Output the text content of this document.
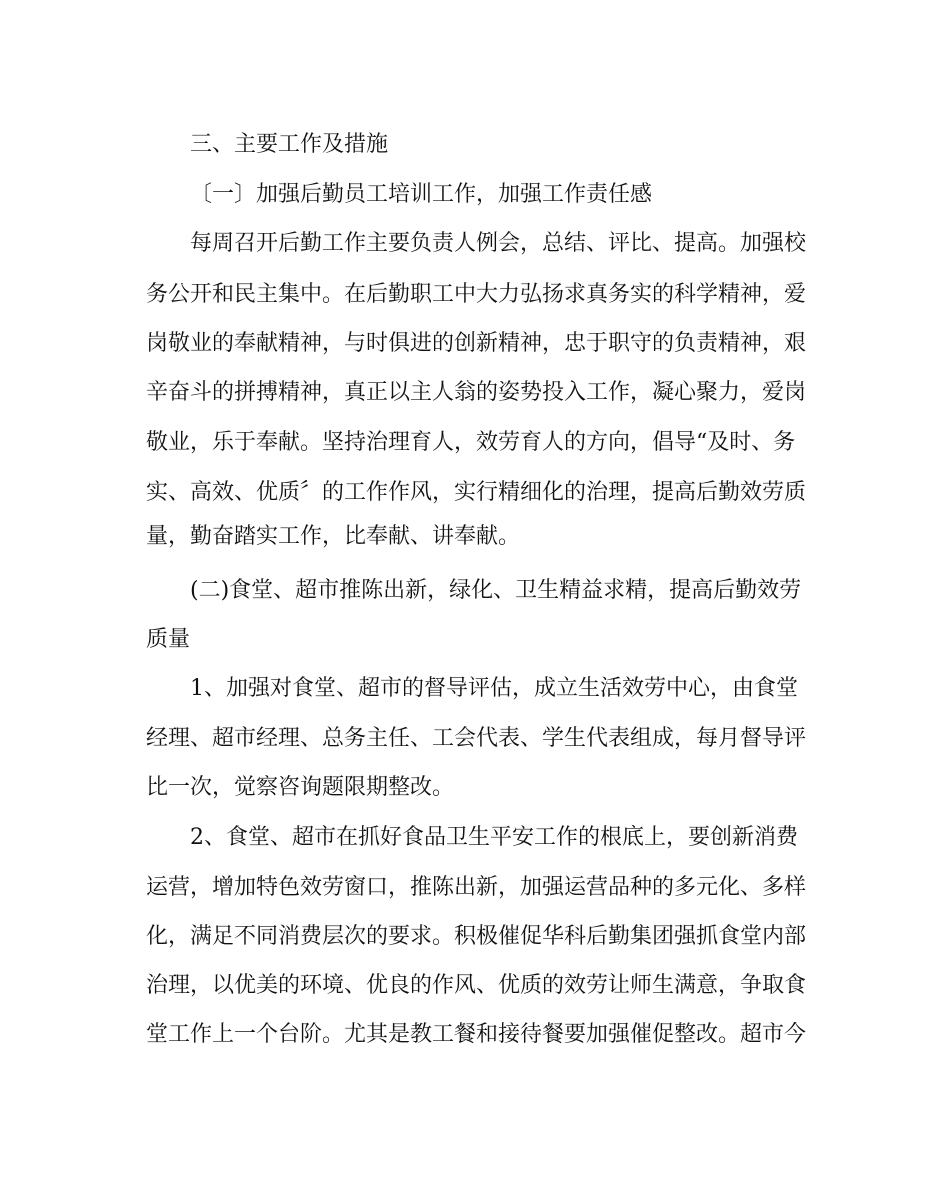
三、主要工作及措施
〔一〕加强后勤员工培训工作，加强工作责任感
每周召开后勤工作主要负责人例会，总结、评比、提高。加强校
务公开和民主集中。在后勤职工中大力弘扬求真务实的科学精神，爱
岗敬业的奉献精神，与时俱进的创新精神，忠于职守的负责精神，艰
辛奋斗的拼搏精神，真正以主人翁的姿势投入工作，凝心聚力，爱岗
敬业，乐于奉献。坚持治理育人，效劳育人的方向，倡导“及时、务
实、高效、优质〞的工作作风，实行精细化的治理，提高后勤效劳质
量，勤奋踏实工作，比奉献、讲奉献。
(二)食堂、超市推陈出新，绿化、卫生精益求精，提高后勤效劳
质量
1、加强对食堂、超市的督导评估，成立生活效劳中心，由食堂
经理、超市经理、总务主任、工会代表、学生代表组成，每月督导评
比一次，觉察咨询题限期整改。
2、食堂、超市在抓好食品卫生平安工作的根底上，要创新消费
运营，增加特色效劳窗口，推陈出新，加强运营品种的多元化、多样
化，满足不同消费层次的要求。积极催促华科后勤集团强抓食堂内部
治理，以优美的环境、优良的作风、优质的效劳让师生满意，争取食
堂工作上一个台阶。尤其是教工餐和接待餐要加强催促整改。超市今
